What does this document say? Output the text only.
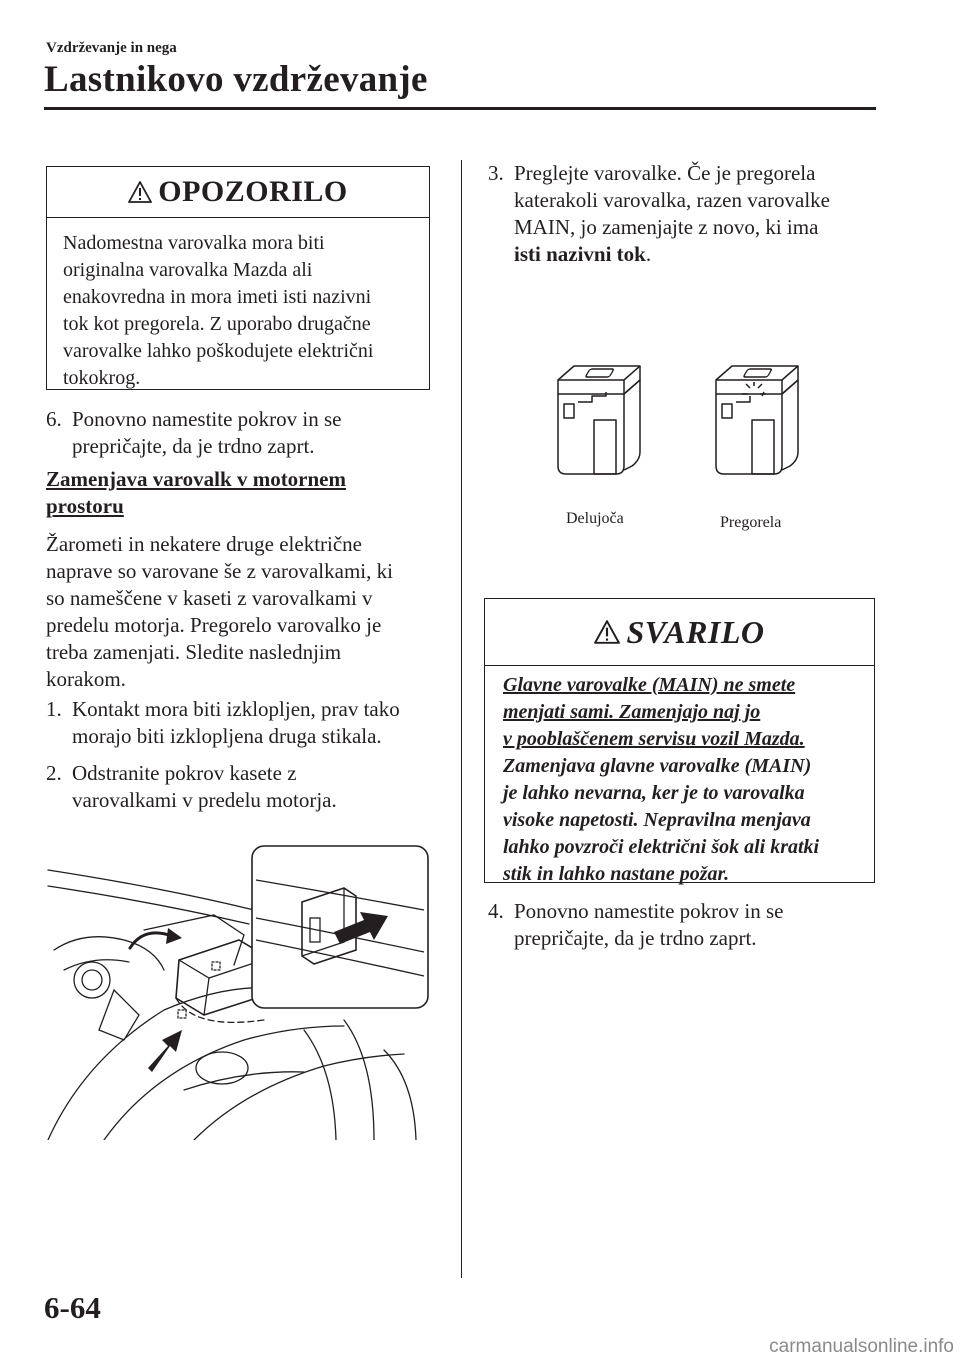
Vzdrževanje in nega
Lastnikovo vzdrževanje
OPOZORILO
Nadomestna varovalka mora biti
originalna varovalka Mazda ali
enakovredna in mora imeti isti nazivni
tok kot pregorela. Z uporabo drugačne
varovalke lahko poškodujete električni
tokokrog.
6. Ponovno namestite pokrov in se
prepričajte, da je trdno zaprt.
Zamenjava varovalk v motornem
prostoru
Žarometi in nekatere druge električne
naprave so varovane še z varovalkami, ki
so nameščene v kaseti z varovalkami v
predelu motorja. Pregorelo varovalko je
treba zamenjati. Sledite naslednjim
korakom.
1. Kontakt mora biti izklopljen, prav tako
morajo biti izklopljena druga stikala.
2. Odstranite pokrov kasete z
varovalkami v predelu motorja.
3. Preglejte varovalke. Če je pregorela
katerakoli varovalka, razen varovalke
MAIN, jo zamenjajte z novo, ki ima
isti nazivni tok.
Delujoča	Pregorela
SVARILO
Glavne varovalke (MAIN) ne smete
menjati sami. Zamenjajo naj jo
v pooblaščenem servisu vozil Mazda.
Zamenjava glavne varovalke (MAIN)
je lahko nevarna, ker je to varovalka
visoke napetosti. Nepravilna menjava
lahko povzroči električni šok ali kratki
stik in lahko nastane požar.
4. Ponovno namestite pokrov in se
prepričajte, da je trdno zaprt.
6-64
carmanualsonline.info
